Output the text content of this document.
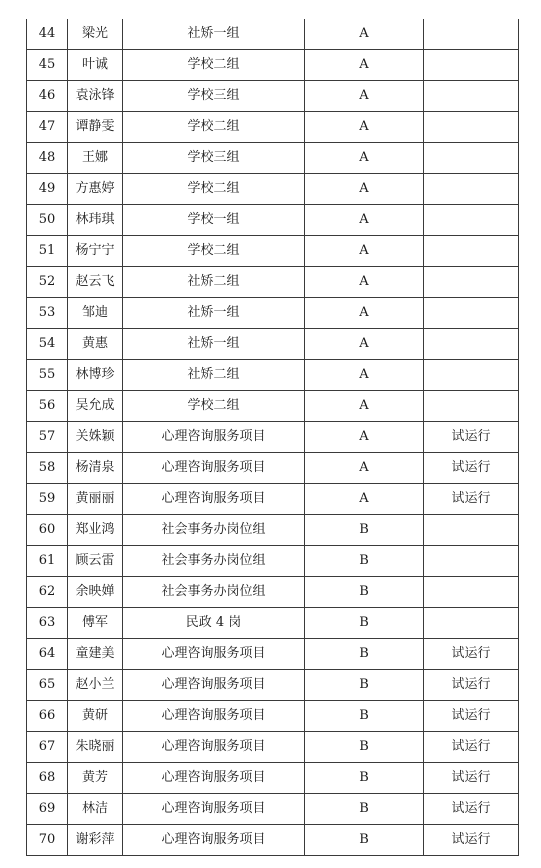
44	梁光	社矫一组	A	
45	叶诚	学校二组	A	
46	袁泳锋	学校三组	A	
47	谭静雯	学校二组	A	
48	王娜	学校三组	A	
49	方惠婷	学校二组	A	
50	林玮琪	学校一组	A	
51	杨宁宁	学校二组	A	
52	赵云飞	社矫二组	A	
53	邹迪	社矫一组	A	
54	黄惠	社矫一组	A	
55	林博珍	社矫二组	A	
56	吴允成	学校二组	A	
57	关姝颖	心理咨询服务项目	A	试运行
58	杨清泉	心理咨询服务项目	A	试运行
59	黄丽丽	心理咨询服务项目	A	试运行
60	郑业鸿	社会事务办岗位组	B	
61	顾云雷	社会事务办岗位组	B	
62	余映婵	社会事务办岗位组	B	
63	傅军	民政 4 岗	B	
64	童建美	心理咨询服务项目	B	试运行
65	赵小兰	心理咨询服务项目	B	试运行
66	黄研	心理咨询服务项目	B	试运行
67	朱晓丽	心理咨询服务项目	B	试运行
68	黄芳	心理咨询服务项目	B	试运行
69	林洁	心理咨询服务项目	B	试运行
70	谢彩萍	心理咨询服务项目	B	试运行
